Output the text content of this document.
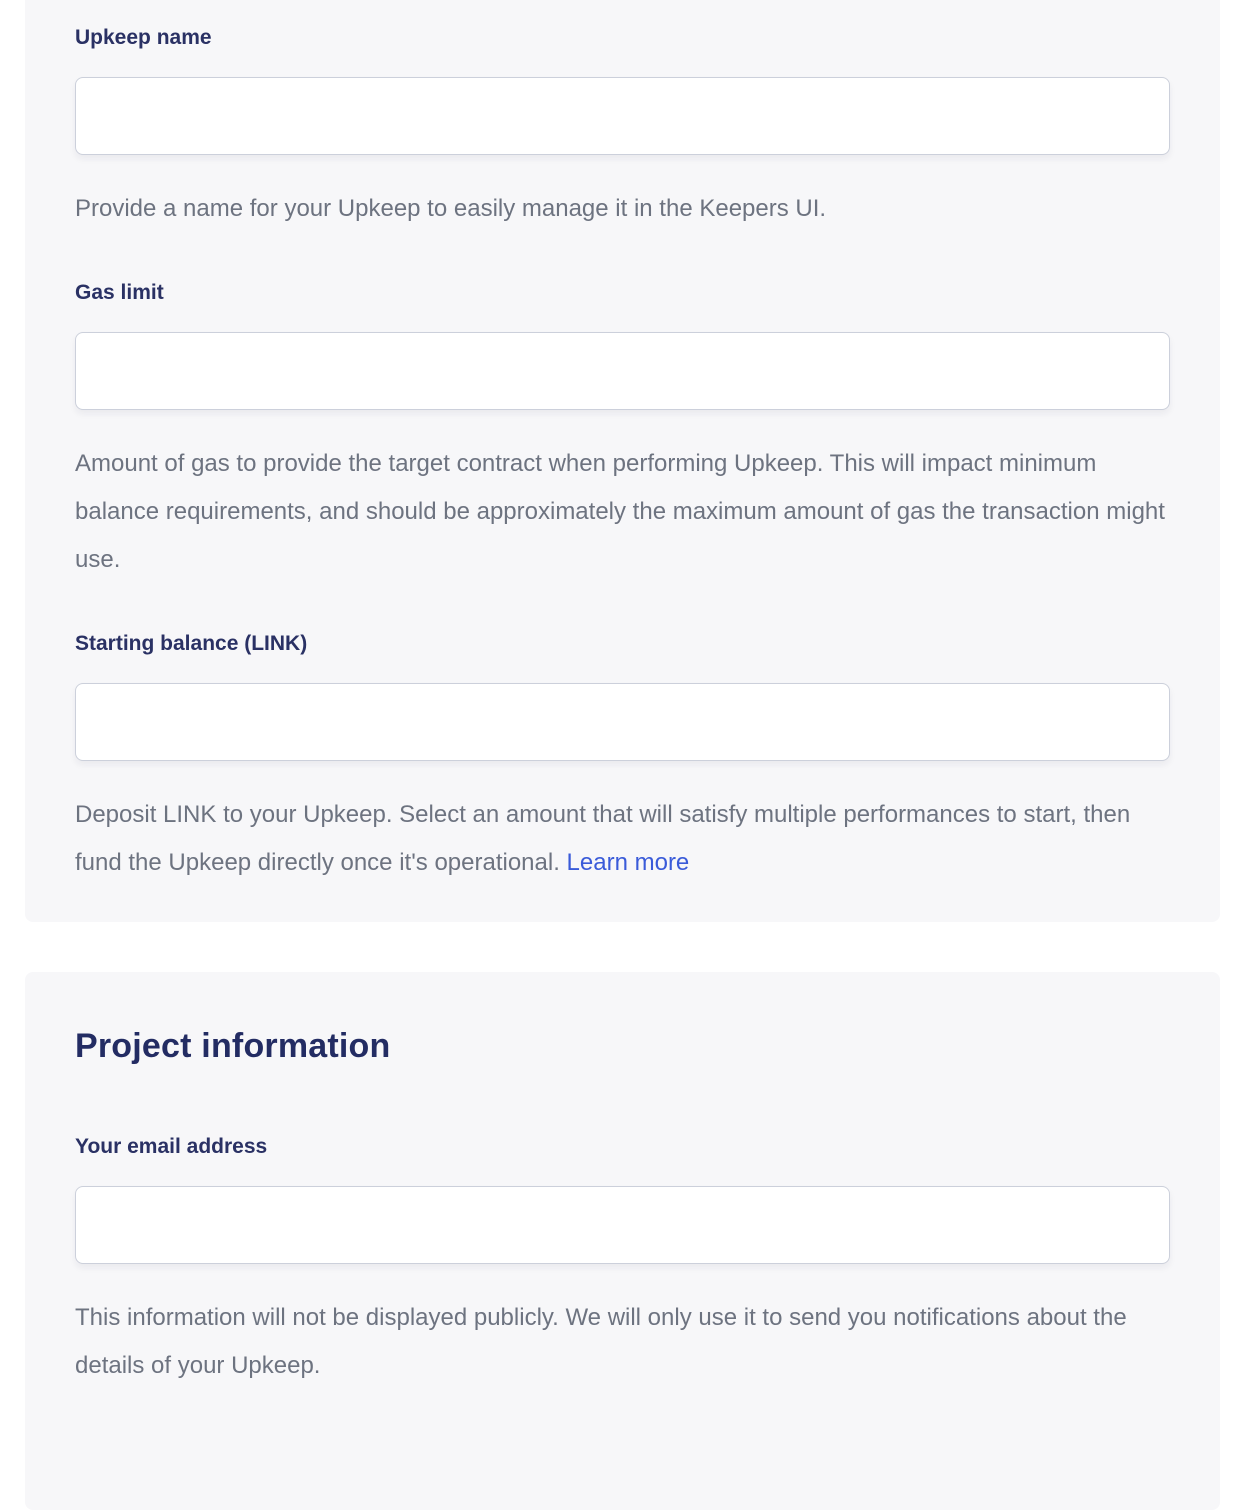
Upkeep name

Provide a name for your Upkeep to easily manage it in the Keepers UI.

Gas limit

Amount of gas to provide the target contract when performing Upkeep. This will impact minimum balance requirements, and should be approximately the maximum amount of gas the transaction might use.

Starting balance (LINK)

Deposit LINK to your Upkeep. Select an amount that will satisfy multiple performances to start, then fund the Upkeep directly once it's operational. Learn more

Project information
Your email address

This information will not be displayed publicly. We will only use it to send you notifications about the details of your Upkeep.
